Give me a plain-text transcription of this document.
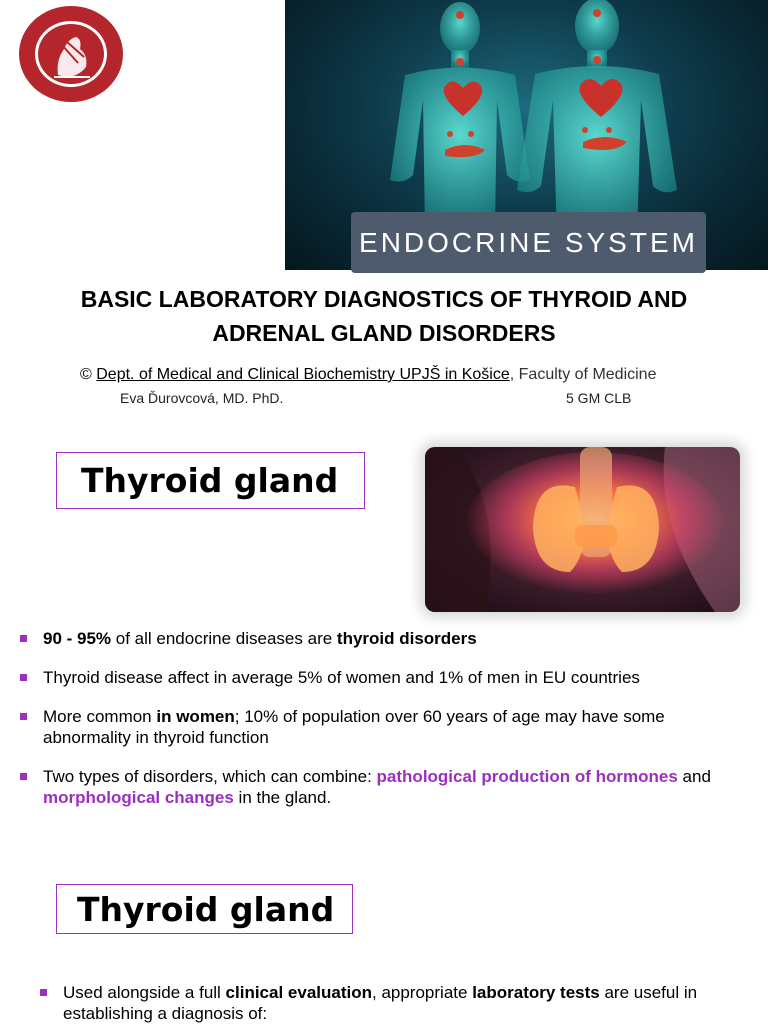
ENDOCRINE SYSTEM
BASIC LABORATORY DIAGNOSTICS OF THYROID AND
ADRENAL GLAND DISORDERS
© Dept. of Medical and Clinical Biochemistry UPJŠ in Košice, Faculty of Medicine
Eva Ďurovcová, MD. PhD.	5 GM CLB
Thyroid gland
90 - 95% of all endocrine diseases are thyroid disorders
Thyroid disease affect in average 5% of women and 1% of men in EU countries
More common in women; 10% of population over 60 years of age may have some abnormality in thyroid function
Two types of disorders, which can combine: pathological production of hormones and morphological changes in the gland.
Thyroid gland
Used alongside a full clinical evaluation, appropriate laboratory tests are useful in establishing a diagnosis of:
